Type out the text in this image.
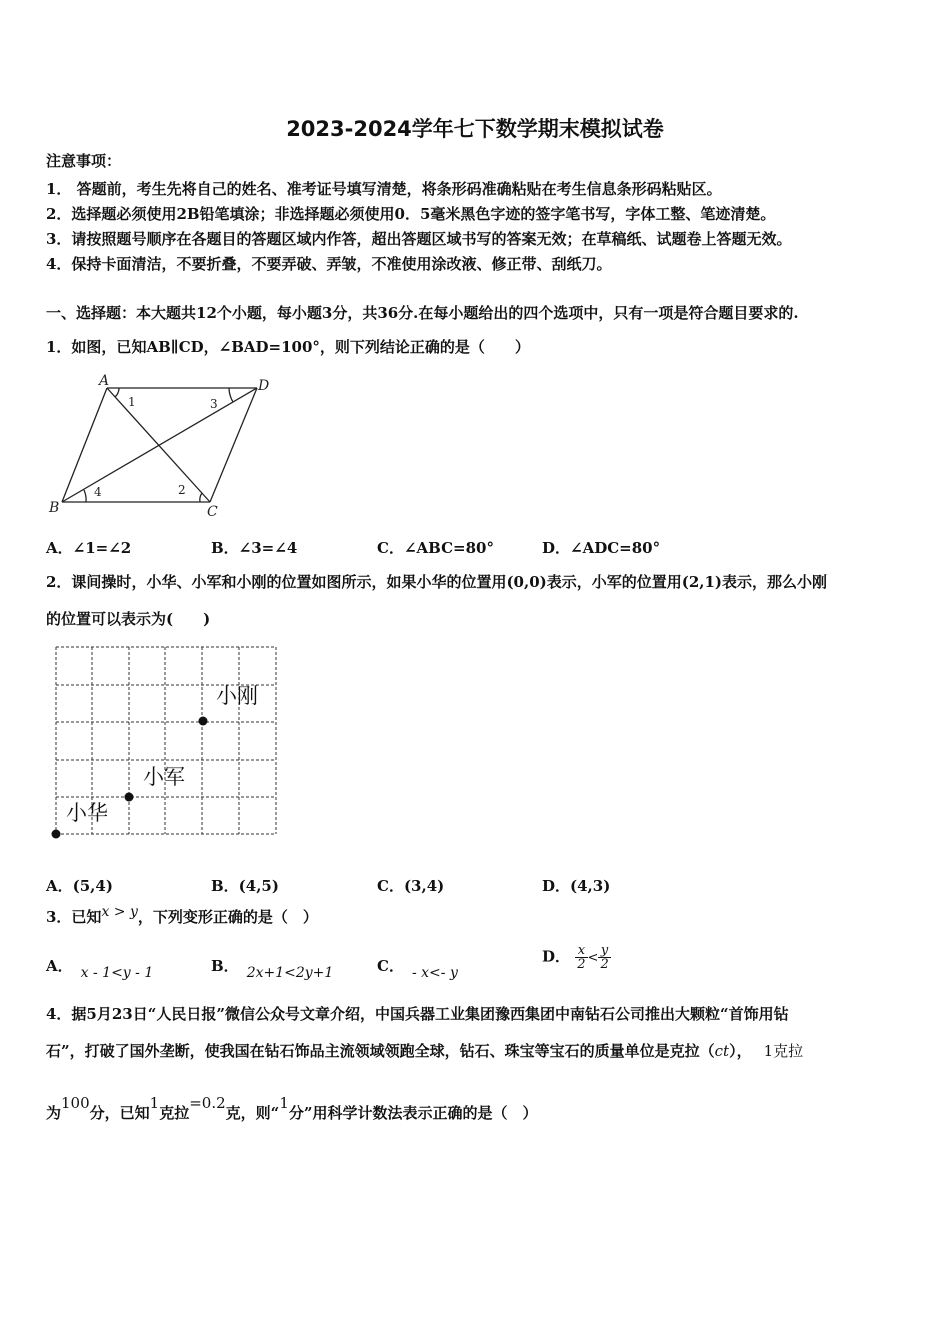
2023-2024学年七下数学期末模拟试卷
注意事项：
1． 答题前，考生先将自己的姓名、准考证号填写清楚，将条形码准确粘贴在考生信息条形码粘贴区。
2．选择题必须使用2B铅笔填涂；非选择题必须使用0．5毫米黑色字迹的签字笔书写，字体工整、笔迹清楚。
3．请按照题号顺序在各题目的答题区域内作答，超出答题区域书写的答案无效；在草稿纸、试题卷上答题无效。
4．保持卡面清洁，不要折叠，不要弄破、弄皱，不准使用涂改液、修正带、刮纸刀。
一、选择题：本大题共12个小题，每小题3分，共36分.在每小题给出的四个选项中，只有一项是符合题目要求的.
1．如图，已知AB∥CD，∠BAD=100°，则下列结论正确的是（　　）
A	D
B	C
1	3
4	2
A．∠1=∠2	B．∠3=∠4	C．∠ABC=80°	D．∠ADC=80°
2．课间操时，小华、小军和小刚的位置如图所示，如果小华的位置用(0,0)表示，小军的位置用(2,1)表示，那么小刚
的位置可以表示为(　　)
小刚
小军
小华
A．(5,4)	B．(4,5)	C．(3,4)	D．(4,3)
3．已知x > y，下列变形正确的是（　）
A． x - 1<y - 1	B． 2x+1<2y+1	C． - x<- y
D． $\frac{x}{2} < \frac{y}{2}$
4．据5月23日“人民日报”微信公众号文章介绍，中国兵器工业集团豫西集团中南钻石公司推出大颗粒“首饰用钻
石”，打破了国外垄断，使我国在钻石饰品主流领域领跑全球，钻石、珠宝等宝石的质量单位是克拉（ct）， 1克拉
为100分，已知1克拉=0.2克，则“1分”用科学计数法表示正确的是（　）
